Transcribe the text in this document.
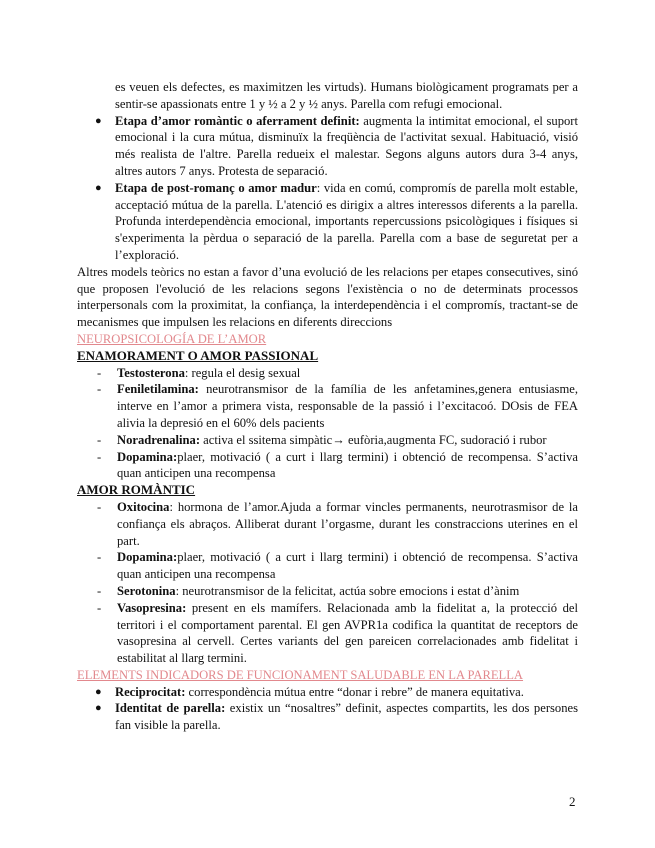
es veuen els defectes, es maximitzen les virtuds). Humans biològicament programats per a sentir-se apassionats entre 1 y ½ a 2 y ½ anys. Parella com refugi emocional.
● Etapa d’amor romàntic o aferrament definit: augmenta la intimitat emocional, el suport emocional i la cura mútua, disminuïx la freqüència de l'activitat sexual. Habituació, visió més realista de l'altre. Parella redueix el malestar. Segons alguns autors dura 3-4 anys, altres autors 7 anys. Protesta de separació.
● Etapa de post-romanç o amor madur: vida en comú, compromís de parella molt estable, acceptació mútua de la parella. L'atenció es dirigix a altres interessos diferents a la parella. Profunda interdependència emocional, importants repercussions psicològiques i físiques si s'experimenta la pèrdua o separació de la parella. Parella com a base de seguretat per a l’exploració.
Altres models teòrics no estan a favor d’una evolució de les relacions per etapes consecutives, sinó que proposen l'evolució de les relacions segons l'existència o no de determinats processos interpersonals com la proximitat, la confiança, la interdependència i el compromís, tractant-se de mecanismes que impulsen les relacions en diferents direccions
NEUROPSICOLOGÍA DE L’AMOR
ENAMORAMENT O AMOR PASSIONAL
- Testosterona: regula el desig sexual
- Feniletilamina: neurotransmisor de la família de les anfetamines,genera entusiasme, interve en l’amor a primera vista, responsable de la passió i l’excitacoó. DOsis de FEA alivia la depresió en el 60% dels pacients
- Noradrenalina: activa el ssitema simpàtic→ eufòria,augmenta FC, sudoració i rubor
- Dopamina:plaer, motivació ( a curt i llarg termini) i obtenció de recompensa. S’activa quan anticipen una recompensa
AMOR ROMÀNTIC
- Oxitocina: hormona de l’amor.Ajuda a formar vincles permanents, neurotrasmisor de la confiança els abraços. Alliberat durant l’orgasme, durant les constraccions uterines en el part.
- Dopamina:plaer, motivació ( a curt i llarg termini) i obtenció de recompensa. S’activa quan anticipen una recompensa
- Serotonina: neurotransmisor de la felicitat, actúa sobre emocions i estat d’ànim
- Vasopresina: present en els mamífers. Relacionada amb la fidelitat a, la protecció del territori i el comportament parental. El gen AVPR1a codifica la quantitat de receptors de vasopresina al cervell. Certes variants del gen pareicen correlacionades amb fidelitat i estabilitat al llarg termini.
ELEMENTS INDICADORS DE FUNCIONAMENT SALUDABLE EN LA PARELLA
● Reciprocitat: correspondència mútua entre “donar i rebre” de manera equitativa.
● Identitat de parella: existix un “nosaltres” definit, aspectes compartits, les dos persones fan visible la parella.
2
